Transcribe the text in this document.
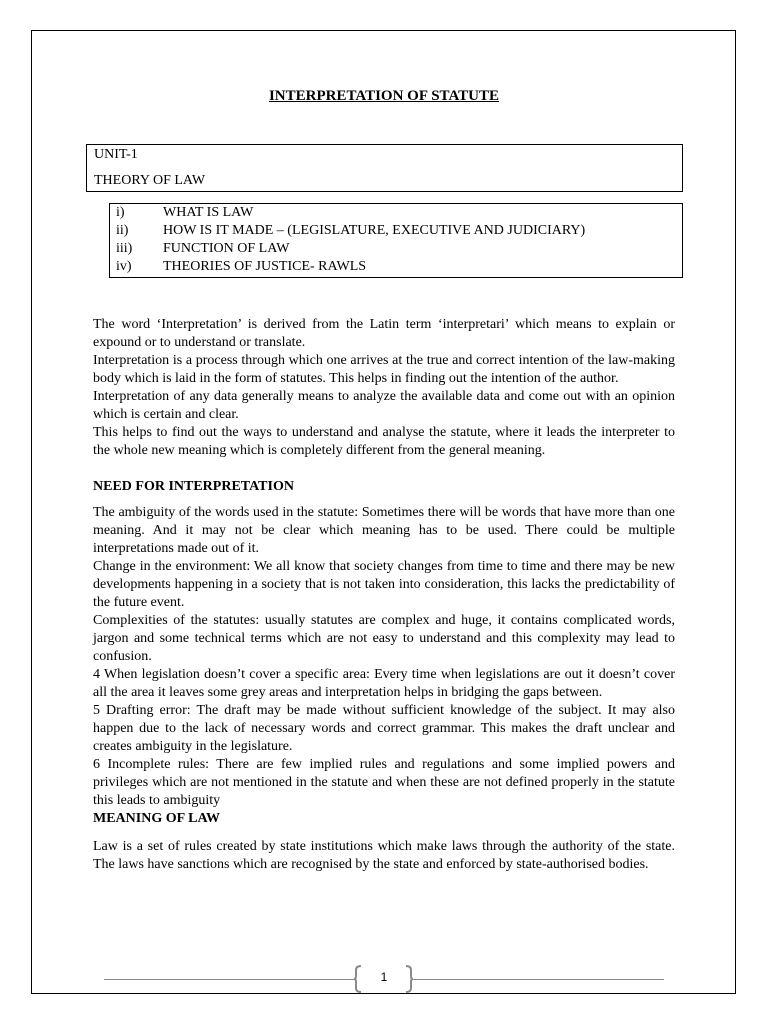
INTERPRETATION OF STATUTE
UNIT-1
THEORY OF LAW
i)	WHAT IS LAW
ii) HOW IS IT MADE – (LEGISLATURE, EXECUTIVE AND JUDICIARY)
iii) FUNCTION OF LAW
iv) THEORIES OF JUSTICE- RAWLS

The word ‘Interpretation’ is derived from the Latin term ‘interpretari’ which means to explain or expound or to understand or translate.

Interpretation is a process through which one arrives at the true and correct intention of the law-making body which is laid in the form of statutes. This helps in finding out the intention of the author.

Interpretation of any data generally means to analyze the available data and come out with an opinion which is certain and clear.

This helps to find out the ways to understand and analyse the statute, where it leads the interpreter to the whole new meaning which is completely different from the general meaning.

NEED FOR INTERPRETATION

The ambiguity of the words used in the statute: Sometimes there will be words that have more than one meaning. And it may not be clear which meaning has to be used. There could be multiple interpretations made out of it.

Change in the environment: We all know that society changes from time to time and there may be new developments happening in a society that is not taken into consideration, this lacks the predictability of the future event.

Complexities of the statutes: usually statutes are complex and huge, it contains complicated words, jargon and some technical terms which are not easy to understand and this complexity may lead to confusion.

4 When legislation doesn’t cover a specific area: Every time when legislations are out it doesn’t cover all the area it leaves some grey areas and interpretation helps in bridging the gaps between.

5 Drafting error: The draft may be made without sufficient knowledge of the subject. It may also happen due to the lack of necessary words and correct grammar. This makes the draft unclear and creates ambiguity in the legislature.

6 Incomplete rules: There are few implied rules and regulations and some implied powers and privileges which are not mentioned in the statute and when these are not defined properly in the statute this leads to ambiguity

MEANING OF LAW

Law is a set of rules created by state institutions which make laws through the authority of the state. The laws have sanctions which are recognised by the state and enforced by state-authorised bodies.

1
